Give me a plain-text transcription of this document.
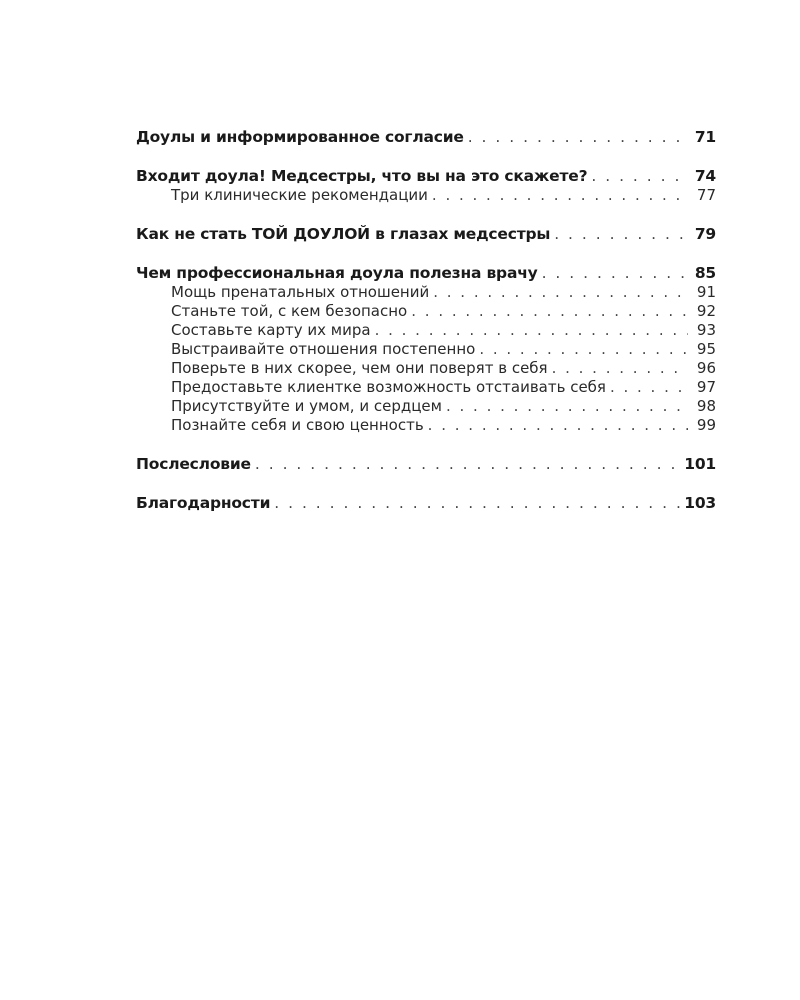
Доулы и информированное согласие . . .	71
Входит доула! Медсестры, что вы на это скажете? . . .	74
Три клинические рекомендации . . .	77
Как не стать ТОЙ ДОУЛОЙ в глазах медсестры . . .	79
Чем профессиональная доула полезна врачу . . .	85
Мощь пренатальных отношений . . .	91
Станьте той, с кем безопасно . . .	92
Составьте карту их мира . . .	93
Выстраивайте отношения постепенно . . .	95
Поверьте в них скорее, чем они поверят в себя . . .	96
Предоставьте клиентке возможность отстаивать себя . . .	97
Присутствуйте и умом, и сердцем . . .	98
Познайте себя и свою ценность . . .	99
Послесловие . . .	101
Благодарности . . .	103
